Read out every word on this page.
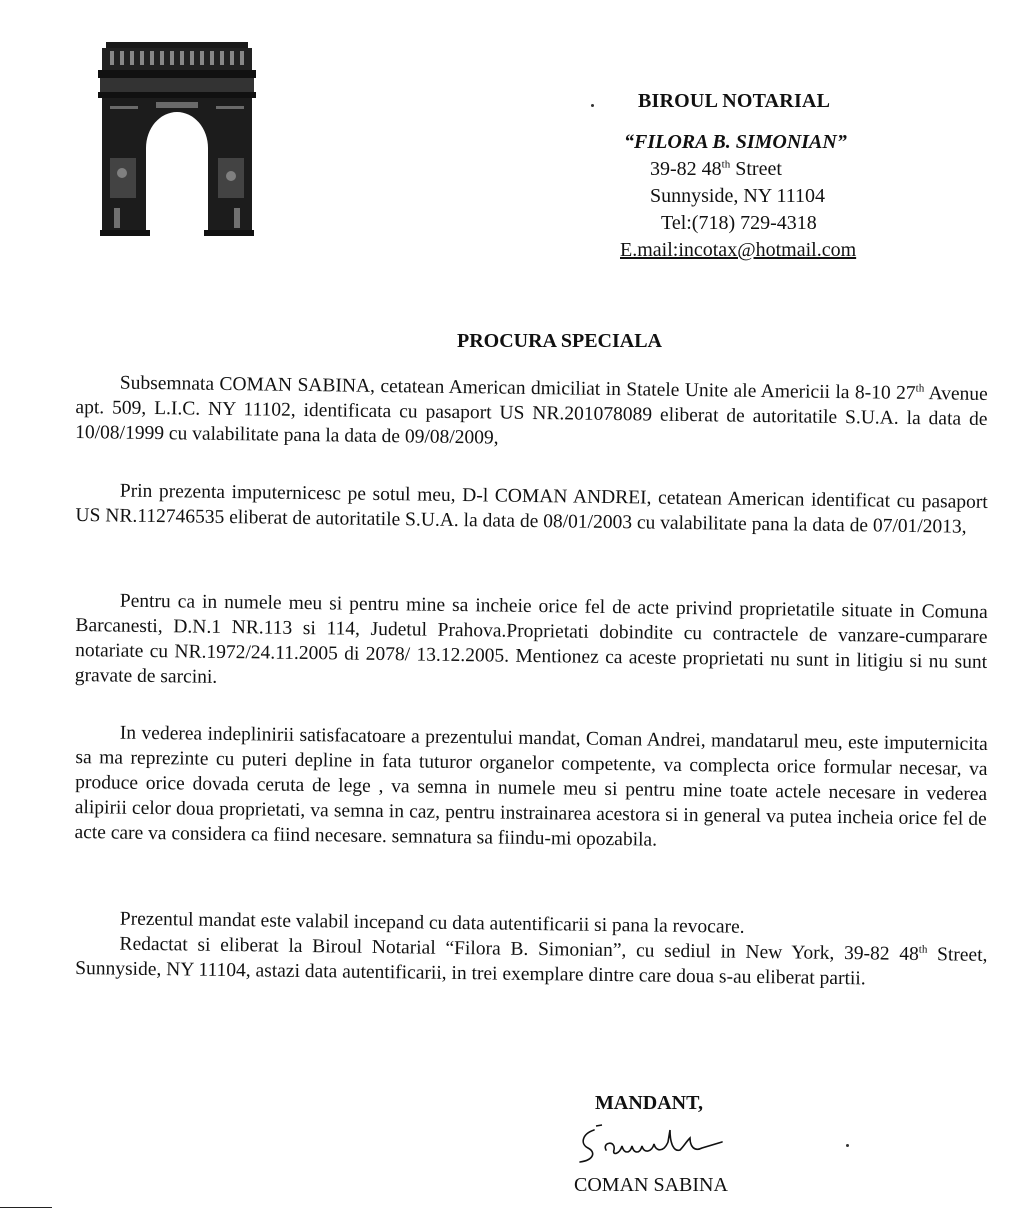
BIROUL NOTARIAL
“FILORA B. SIMONIAN”
39-82 48th Street
Sunnyside, NY 11104
Tel:(718) 729-4318
E.mail:incotax@hotmail.com
PROCURA SPECIALA
Subsemnata COMAN SABINA, cetatean American dmiciliat in Statele Unite ale Americii la 8-10 27th Avenue apt. 509, L.I.C. NY 11102, identificata cu pasaport US NR.201078089 eliberat de autoritatile S.U.A. la data de 10/08/1999 cu valabilitate pana la data de 09/08/2009,
Prin prezenta imputernicesc pe sotul meu, D-l COMAN ANDREI, cetatean American identificat cu pasaport US NR.112746535 eliberat de autoritatile S.U.A. la data de 08/01/2003 cu valabilitate pana la data de 07/01/2013,
Pentru ca in numele meu si pentru mine sa incheie orice fel de acte privind proprietatile situate in Comuna Barcanesti, D.N.1 NR.113 si 114, Judetul Prahova.Proprietati dobindite cu contractele de vanzare-cumparare notariate cu NR.1972/24.11.2005 di 2078/ 13.12.2005. Mentionez ca aceste proprietati nu sunt in litigiu si nu sunt gravate de sarcini.
In vederea indeplinirii satisfacatoare a prezentului mandat, Coman Andrei, mandatarul meu, este imputernicita sa ma reprezinte cu puteri depline in fata tuturor organelor competente, va complecta orice formular necesar, va produce orice dovada ceruta de lege , va semna in numele meu si pentru mine toate actele necesare in vederea alipirii celor doua proprietati, va semna in caz, pentru instrainarea acestora si in general va putea incheia orice fel de acte care va considera ca fiind necesare. semnatura sa fiindu-mi opozabila.
Prezentul mandat este valabil incepand cu data autentificarii si pana la revocare.
Redactat si eliberat la Biroul Notarial “Filora B. Simonian”, cu sediul in New York, 39-82 48th Street, Sunnyside, NY 11104, astazi data autentificarii, in trei exemplare dintre care doua s-au eliberat partii.
MANDANT,
COMAN SABINA
